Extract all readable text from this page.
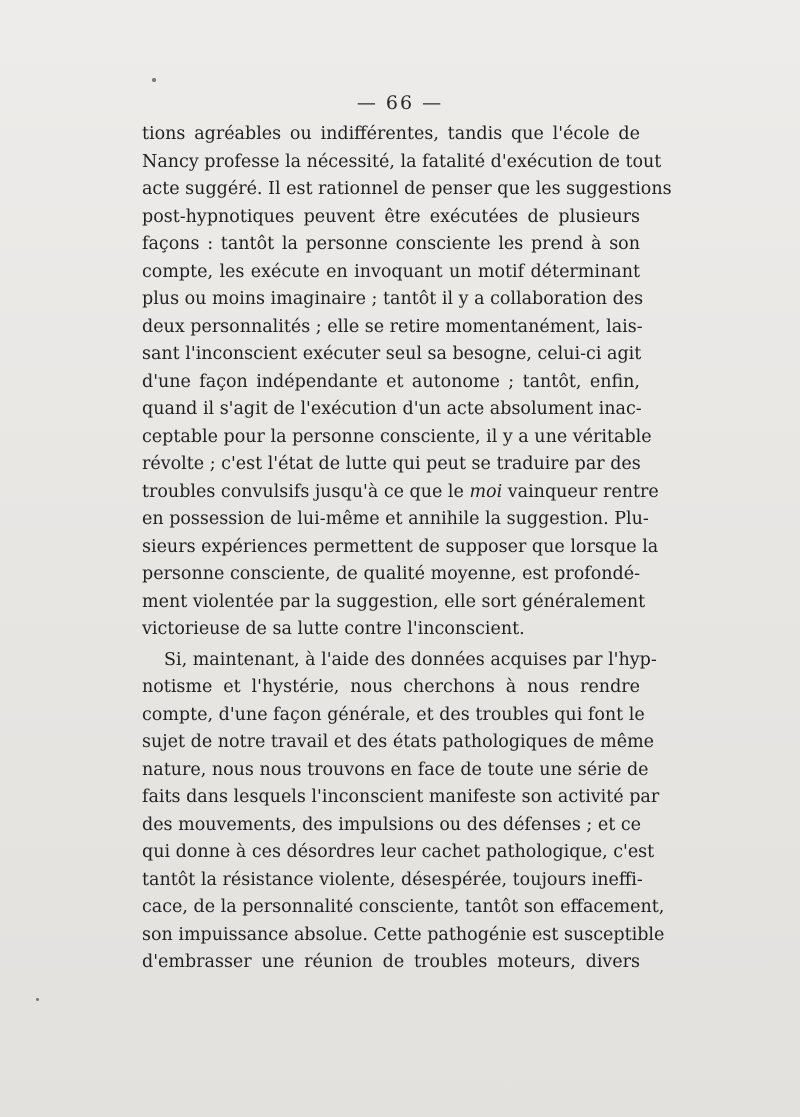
— 66 —
tions agréables ou indifférentes, tandis que l'école de
Nancy professe la nécessité, la fatalité d'exécution de tout
acte suggéré. Il est rationnel de penser que les suggestions
post-hypnotiques peuvent être exécutées de plusieurs
façons : tantôt la personne consciente les prend à son
compte, les exécute en invoquant un motif déterminant
plus ou moins imaginaire ; tantôt il y a collaboration des
deux personnalités ; elle se retire momentanément, lais-
sant l'inconscient exécuter seul sa besogne, celui-ci agit
d'une façon indépendante et autonome ; tantôt, enfin,
quand il s'agit de l'exécution d'un acte absolument inac-
ceptable pour la personne consciente, il y a une véritable
révolte ; c'est l'état de lutte qui peut se traduire par des
troubles convulsifs jusqu'à ce que le moi vainqueur rentre
en possession de lui-même et annihile la suggestion. Plu-
sieurs expériences permettent de supposer que lorsque la
personne consciente, de qualité moyenne, est profondé-
ment violentée par la suggestion, elle sort généralement
victorieuse de sa lutte contre l'inconscient.
Si, maintenant, à l'aide des données acquises par l'hyp-
notisme et l'hystérie, nous cherchons à nous rendre
compte, d'une façon générale, et des troubles qui font le
sujet de notre travail et des états pathologiques de même
nature, nous nous trouvons en face de toute une série de
faits dans lesquels l'inconscient manifeste son activité par
des mouvements, des impulsions ou des défenses ; et ce
qui donne à ces désordres leur cachet pathologique, c'est
tantôt la résistance violente, désespérée, toujours ineffi-
cace, de la personnalité consciente, tantôt son effacement,
son impuissance absolue. Cette pathogénie est susceptible
d'embrasser une réunion de troubles moteurs, divers
